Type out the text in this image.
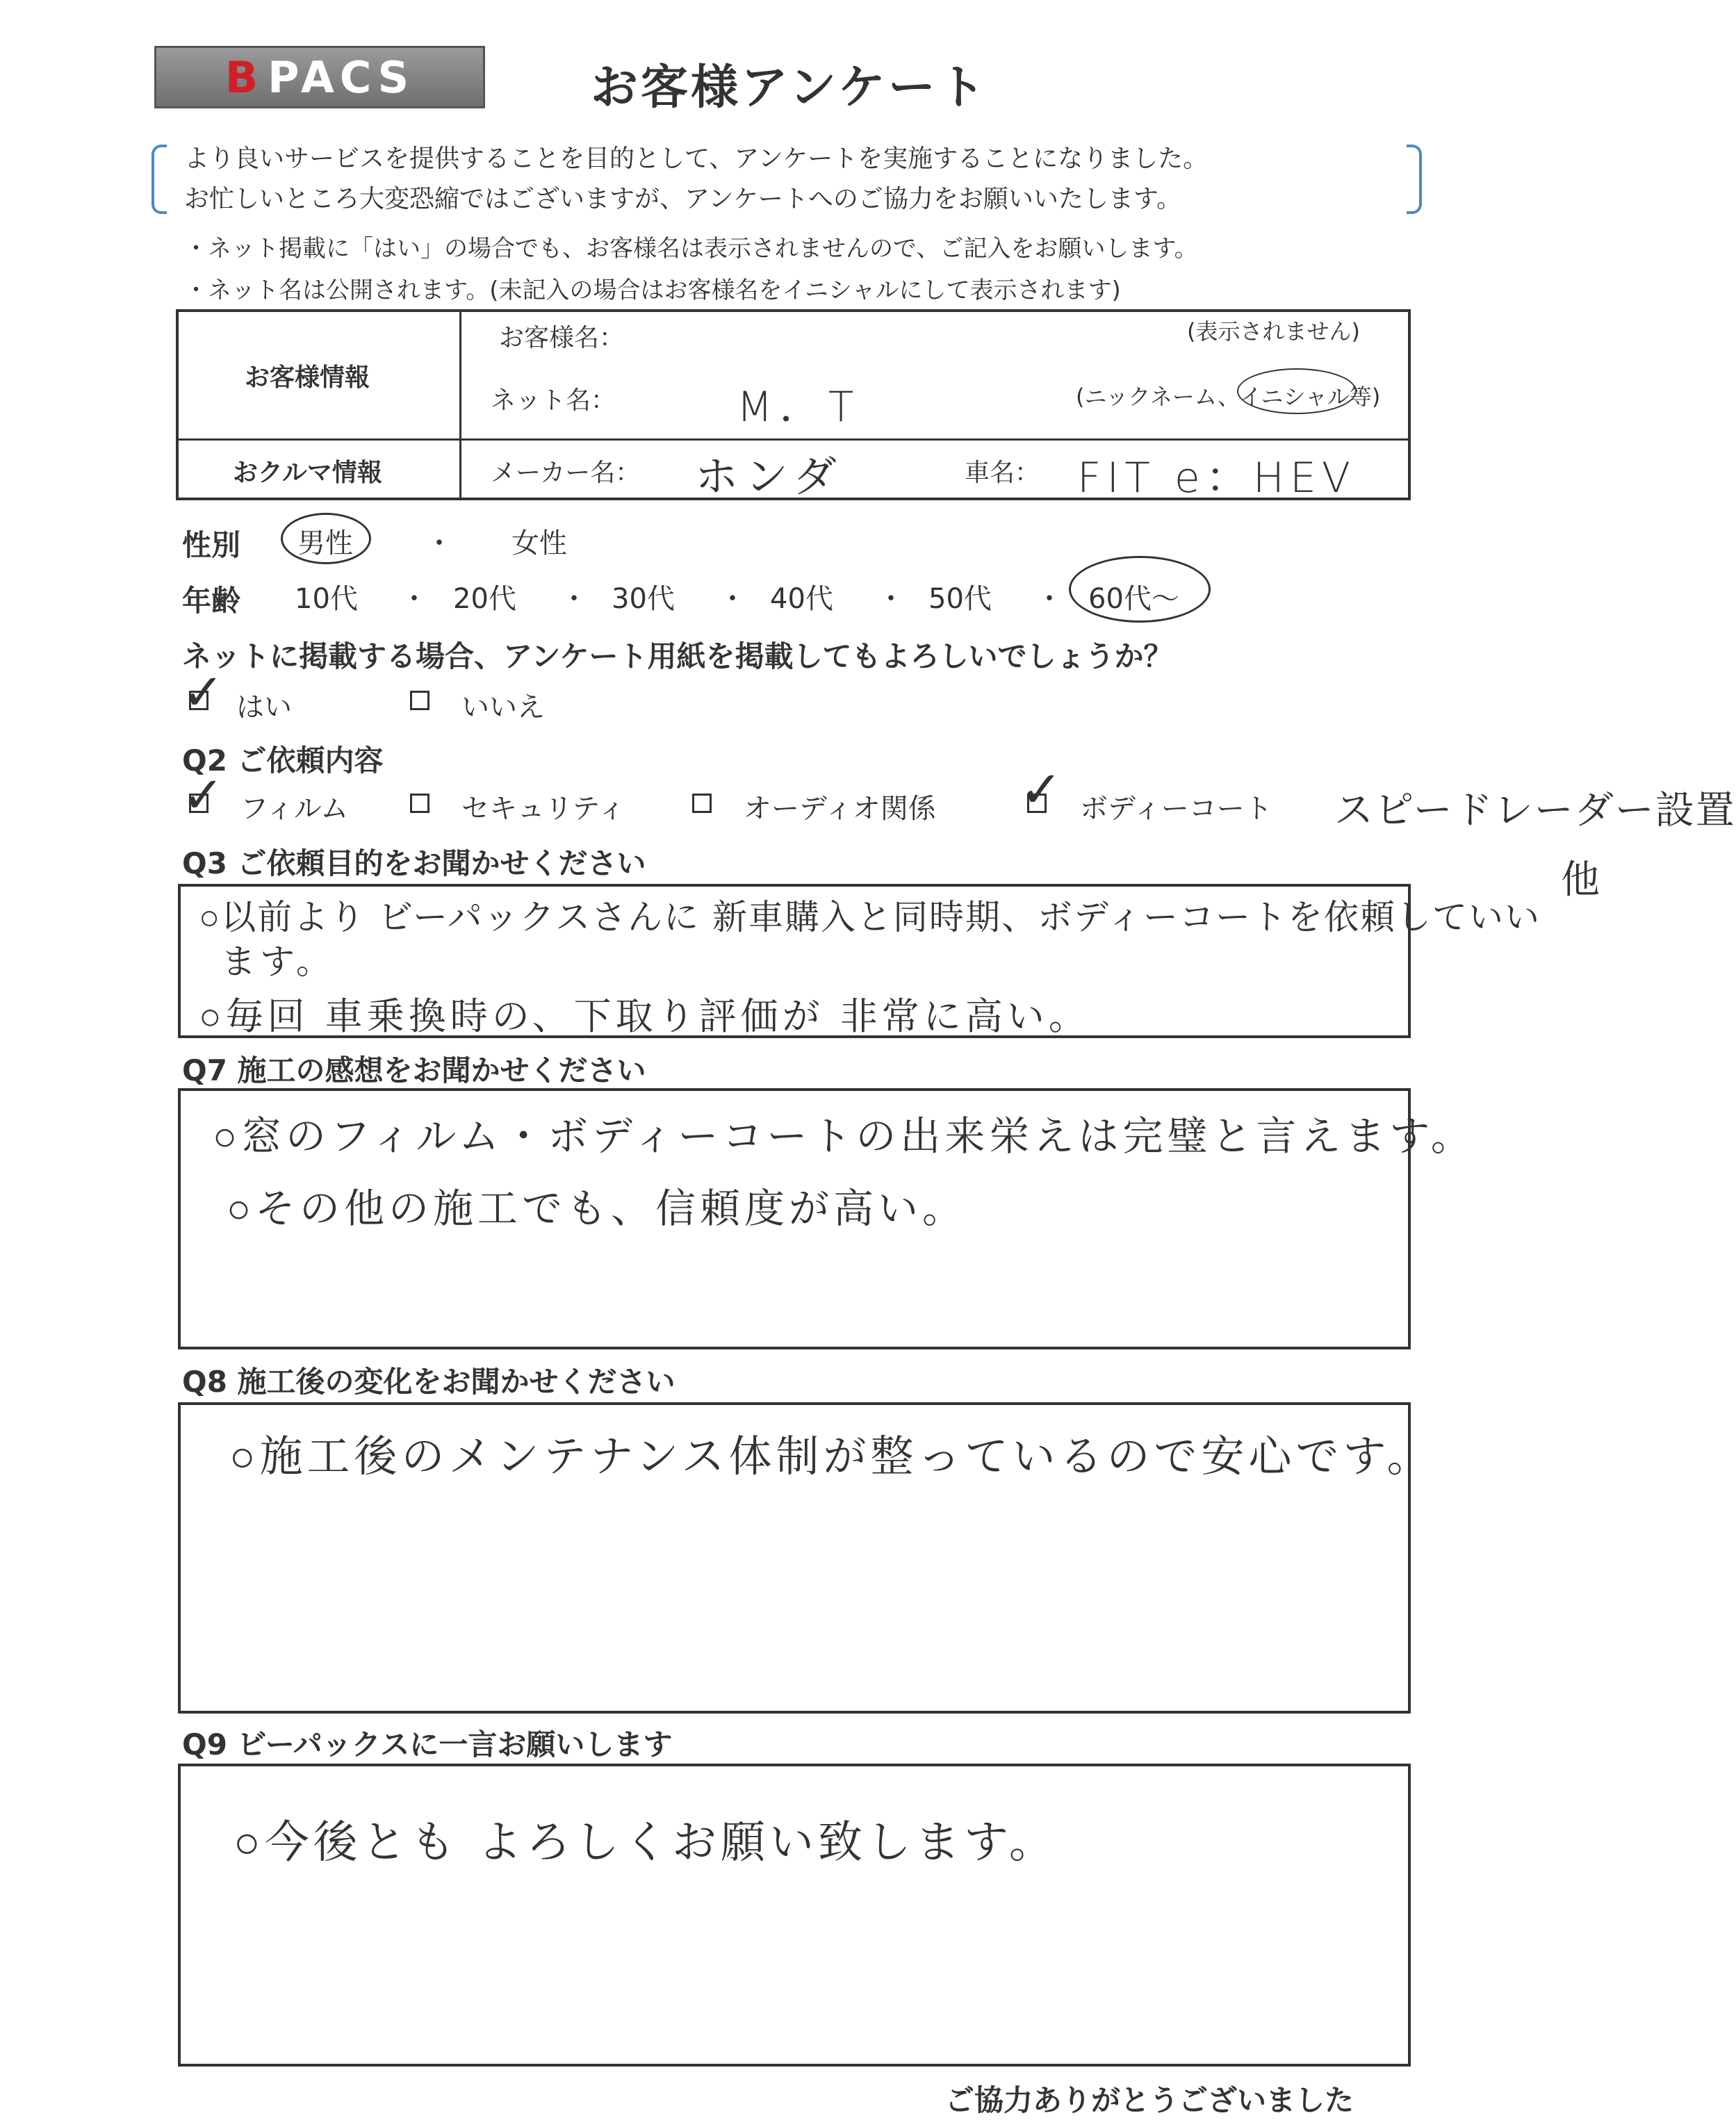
B PACS	お客様アンケート
より良いサービスを提供することを目的として、アンケートを実施することになりました。
お忙しいところ大変恐縮ではございますが、アンケートへのご協力をお願いいたします。
・ネット掲載に「はい」の場合でも、お客様名は表示されませんので、ご記入をお願いします。
・ネット名は公開されます。(未記入の場合はお客様名をイニシャルにして表示されます)
お客様情報
お客様名：	(表示されません)
ネット名：	M．T	(ニックネーム、イニシャル等)
おクルマ情報	メーカー名： ホンダ	車名： FIT e：HEV
性別 男性	・ 女性
年齢 10代 ・ 20代 ・ 30代 ・ 40代 ・ 50代 ・ 60代～
ネットに掲載する場合、アンケート用紙を掲載してもよろしいでしょうか？
✓ はい	いいえ
Q2 ご依頼内容
✓ フィルム	セキュリティ	オーディオ関係 ✓ ボディーコート スピードレーダー設置
他
Q3 ご依頼目的をお聞かせください
○以前より ビーパックスさんに 新車購入と同時期、ボディーコートを依頼していい
ます。
○毎回 車乗換時の、下取り評価が 非常に高い。
Q7 施工の感想をお聞かせください
○窓のフィルム・ボディーコートの出来栄えは完璧と言えます。
○その他の施工でも、信頼度が高い。
Q8 施工後の変化をお聞かせください
○施工後のメンテナンス体制が整っているので安心です。
Q9 ビーパックスに一言お願いします
○今後とも よろしくお願い致します。
ご協力ありがとうございました
